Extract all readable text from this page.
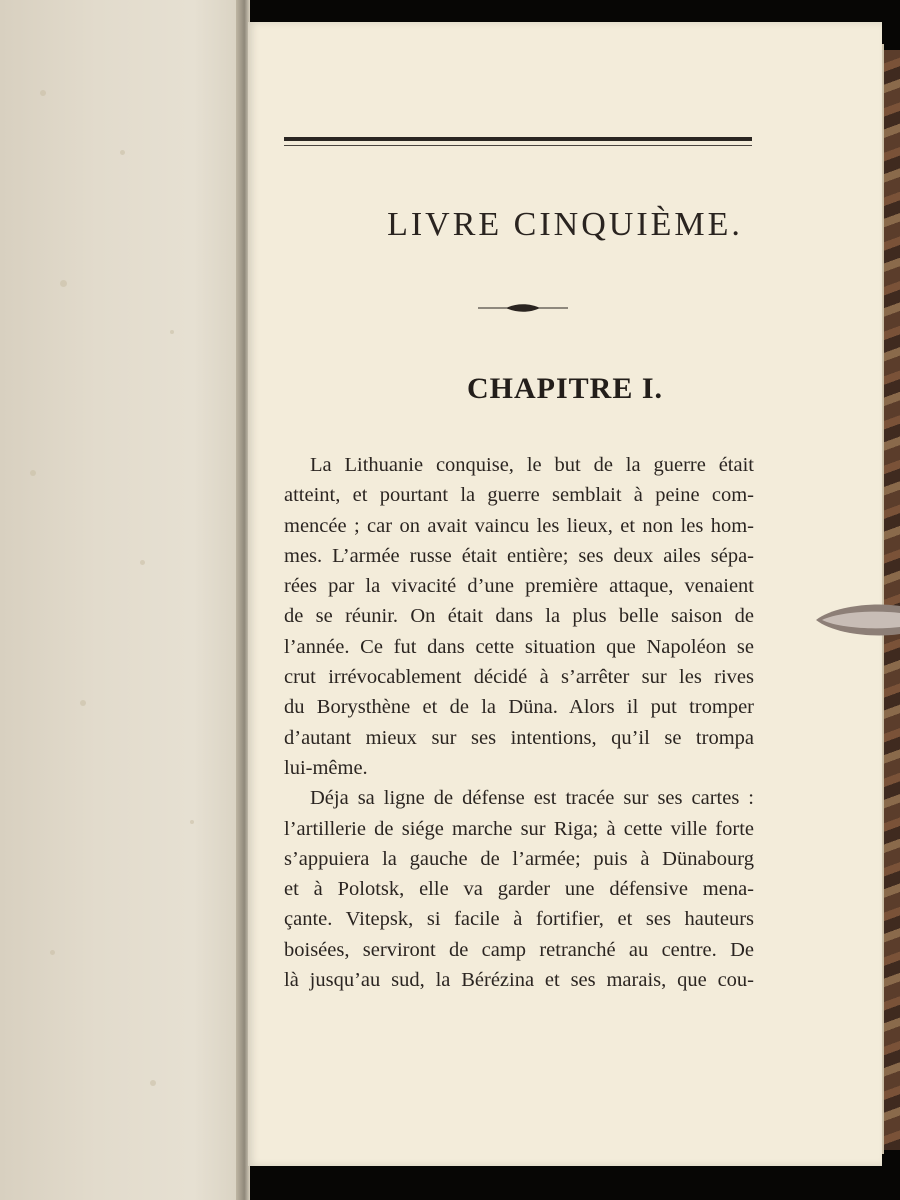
LIVRE CINQUIÈME.
CHAPITRE I.
La Lithuanie conquise, le but de la guerre était
atteint, et pourtant la guerre semblait à peine com-
mencée ; car on avait vaincu les lieux, et non les hom-
mes. L’armée russe était entière; ses deux ailes sépa-
rées par la vivacité d’une première attaque, venaient
de se réunir. On était dans la plus belle saison de
l’année. Ce fut dans cette situation que Napoléon se
crut irrévocablement décidé à s’arrêter sur les rives
du Borysthène et de la Düna. Alors il put tromper
d’autant mieux sur ses intentions, qu’il se trompa
lui-même.
Déja sa ligne de défense est tracée sur ses cartes :
l’artillerie de siége marche sur Riga; à cette ville forte
s’appuiera la gauche de l’armée; puis à Dünabourg
et à Polotsk, elle va garder une défensive mena-
çante. Vitepsk, si facile à fortifier, et ses hauteurs
boisées, serviront de camp retranché au centre. De
là jusqu’au sud, la Bérézina et ses marais, que cou-
